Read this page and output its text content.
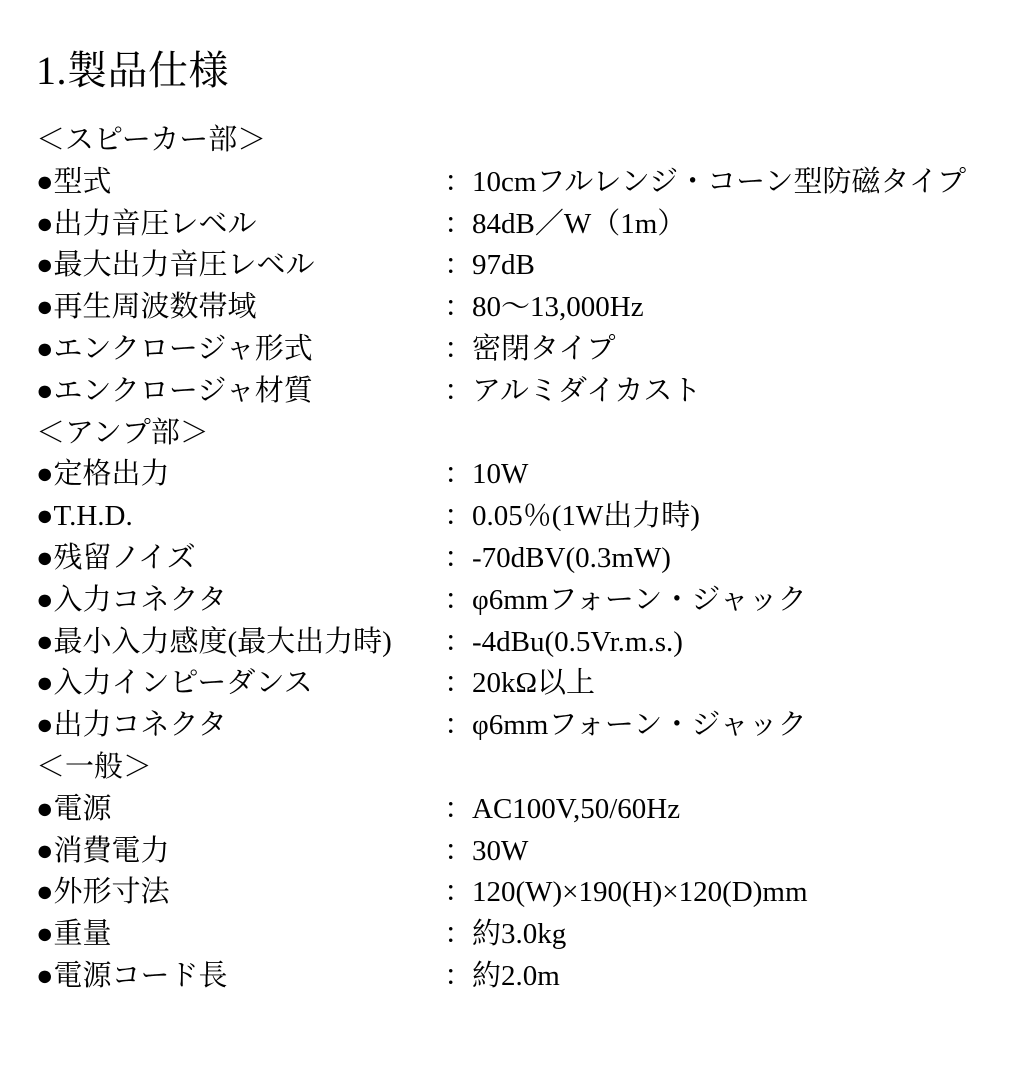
1.製品仕様
＜スピーカー部＞
●型式	：
10cmフルレンジ・コーン型防磁タイプ
●出力音圧レベル	：
84dB／W（1m）
●最大出力音圧レベル	：
97dB
●再生周波数帯域	：
80〜13,000Hz
●エンクロージャ形式	：
密閉タイプ
●エンクロージャ材質	：
アルミダイカスト
＜アンプ部＞
●定格出力	：
10W
●T.H.D.	：
0.05％(1W出力時)
●残留ノイズ	：
-70dBV(0.3mW)
●入力コネクタ	：
φ6mmフォーン・ジャック
●最小入力感度(最大出力時)	：
-4dBu(0.5Vr.m.s.)
●入力インピーダンス	：
20kΩ以上
●出力コネクタ	：
φ6mmフォーン・ジャック
＜一般＞
●電源	：
AC100V,50/60Hz
●消費電力	：
30W
●外形寸法	：
120(W)×190(H)×120(D)mm
●重量	：
約3.0kg
●電源コード長	：
約2.0m
